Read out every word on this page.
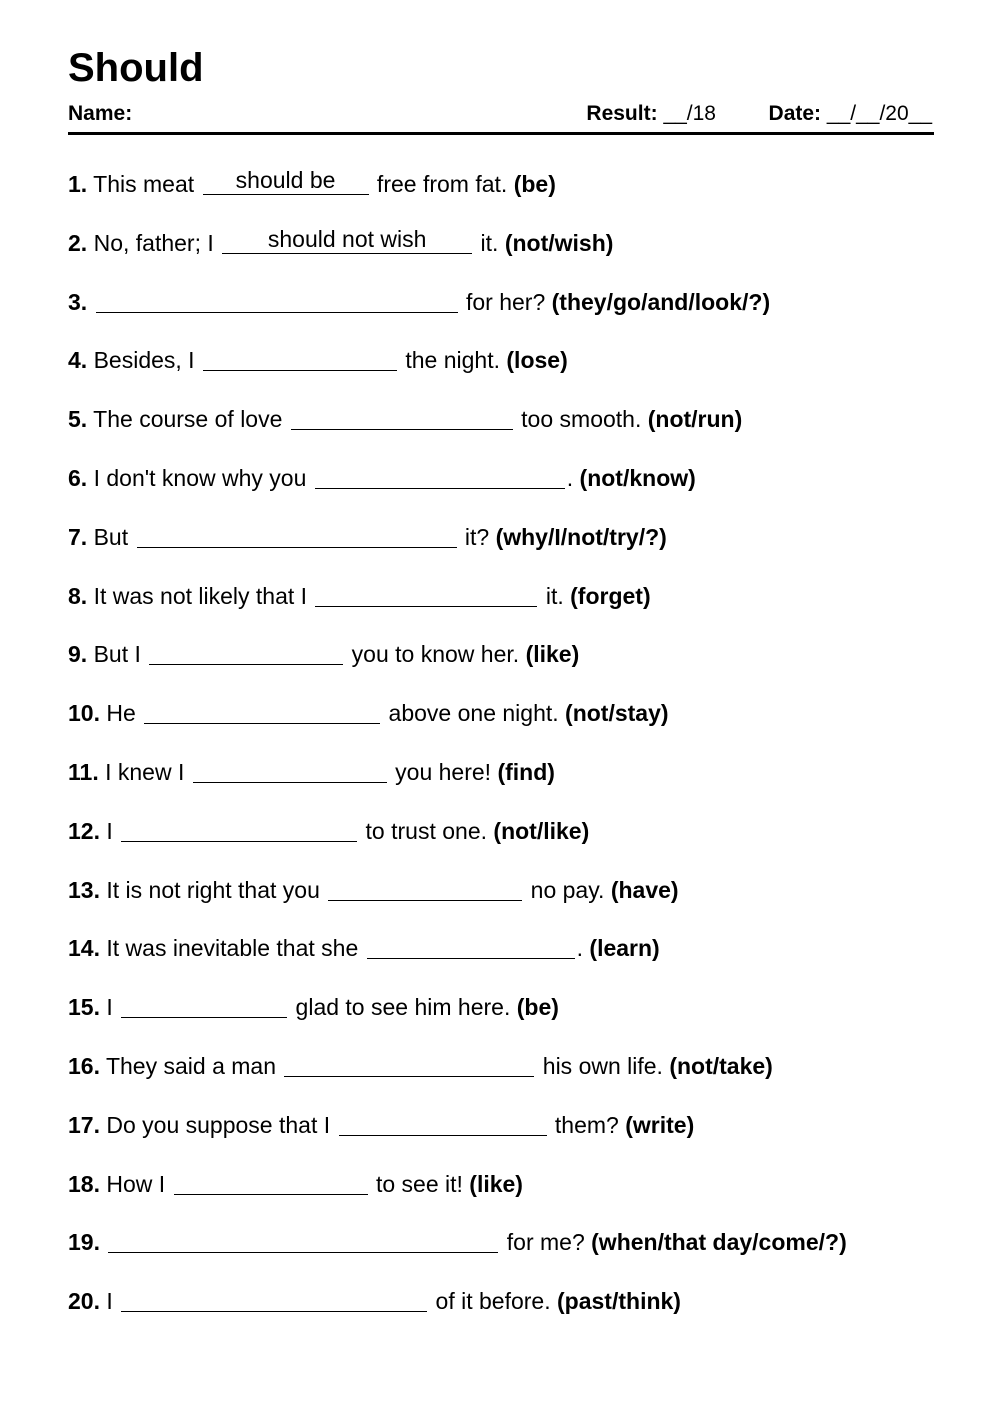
Should
Name:	Result: __/18	Date: __/__/20__
1. This meat	should be	free from fat. (be)
2. No, father; I	should not wish	it. (not/wish)
3.	for her? (they/go/and/look/?)
4. Besides, I	the night. (lose)
5. The course of love	too smooth. (not/run)
6. I don't know why you	. (not/know)
7. But	it? (why/I/not/try/?)
8. It was not likely that I	it. (forget)
9. But I	you to know her. (like)
10. He	above one night. (not/stay)
11. I knew I	you here! (find)
12. I	to trust one. (not/like)
13. It is not right that you	no pay. (have)
14. It was inevitable that she	. (learn)
15. I	glad to see him here. (be)
16. They said a man	his own life. (not/take)
17. Do you suppose that I	them? (write)
18. How I	to see it! (like)
19.	for me? (when/that day/come/?)
20. I	of it before. (past/think)
